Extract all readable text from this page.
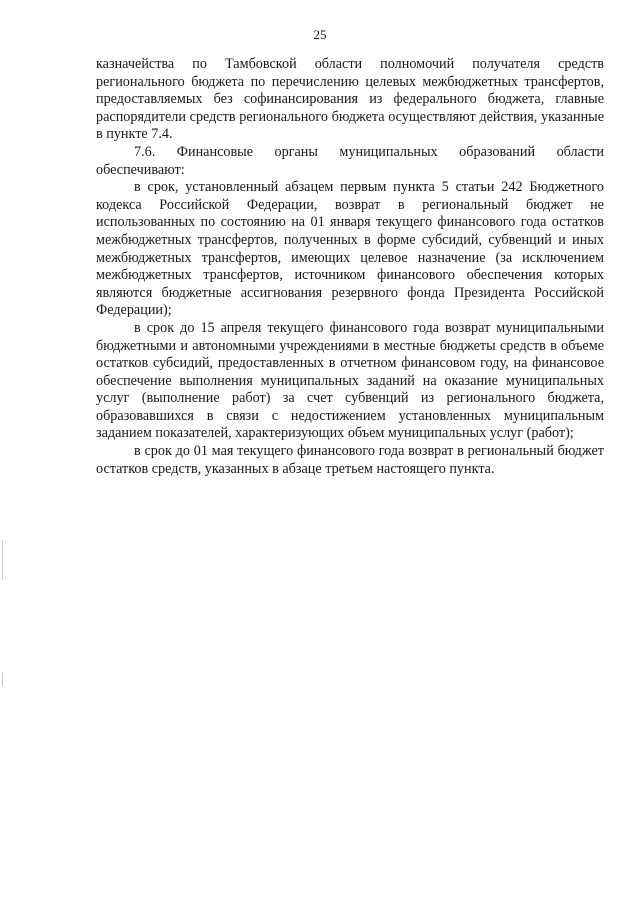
25

казначейства по Тамбовской области полномочий получателя средств регионального бюджета по перечислению целевых межбюджетных трансфертов, предоставляемых без софинансирования из федерального бюджета, главные распорядители средств регионального бюджета осуществляют действия, указанные в пункте 7.4.

7.6. Финансовые органы муниципальных образований области обеспечивают:

в срок, установленный абзацем первым пункта 5 статьи 242 Бюджетного кодекса Российской Федерации, возврат в региональный бюджет не использованных по состоянию на 01 января текущего финансового года остатков межбюджетных трансфертов, полученных в форме субсидий, субвенций и иных межбюджетных трансфертов, имеющих целевое назначение (за исключением межбюджетных трансфертов, источником финансового обеспечения которых являются бюджетные ассигнования резервного фонда Президента Российской Федерации);

в срок до 15 апреля текущего финансового года возврат муниципальными бюджетными и автономными учреждениями в местные бюджеты средств в объеме остатков субсидий, предоставленных в отчетном финансовом году, на финансовое обеспечение выполнения муниципальных заданий на оказание муниципальных услуг (выполнение работ) за счет субвенций из регионального бюджета, образовавшихся в связи с недостижением установленных муниципальным заданием показателей, характеризующих объем муниципальных услуг (работ);

в срок до 01 мая текущего финансового года возврат в региональный бюджет остатков средств, указанных в абзаце третьем настоящего пункта.
